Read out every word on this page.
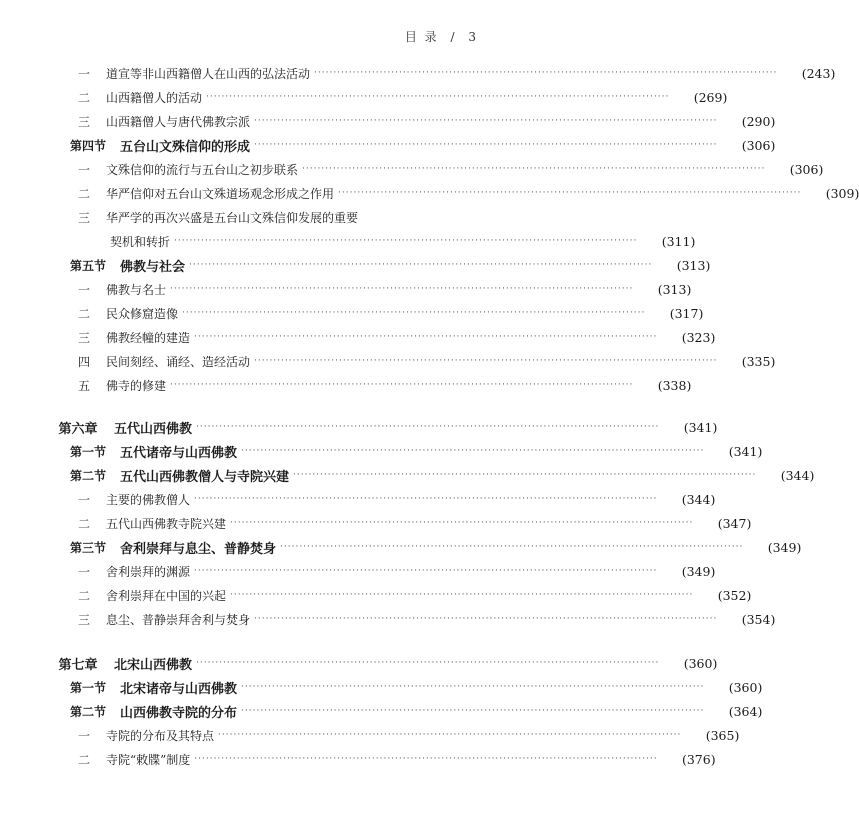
目 录 / 3
一	道宣等非山西籍僧人在山西的弘法活动 ························································································································	(243)
二	山西籍僧人的活动 ························································································································	(269)
三	山西籍僧人与唐代佛教宗派 ························································································································	(290)
第四节	五台山文殊信仰的形成 ························································································································	(306)
一	文殊信仰的流行与五台山之初步联系 ························································································································	(306)
二	华严信仰对五台山文殊道场观念形成之作用 ························································································································	(309)
三	华严学的再次兴盛是五台山文殊信仰发展的重要
契机和转折 ························································································································	(311)
第五节	佛教与社会 ························································································································	(313)
一	佛教与名士 ························································································································	(313)
二	民众修窟造像 ························································································································	(317)
三	佛教经幢的建造 ························································································································	(323)
四	民间刻经、诵经、造经活动 ························································································································	(335)
五	佛寺的修建 ························································································································	(338)
第六章	五代山西佛教 ························································································································	(341)
第一节	五代诸帝与山西佛教 ························································································································	(341)
第二节	五代山西佛教僧人与寺院兴建 ························································································································	(344)
一	主要的佛教僧人 ························································································································	(344)
二	五代山西佛教寺院兴建 ························································································································	(347)
第三节	舍利崇拜与息尘、普静焚身 ························································································································	(349)
一	舍利崇拜的渊源 ························································································································	(349)
二	舍利崇拜在中国的兴起 ························································································································	(352)
三	息尘、普静崇拜舍利与焚身 ························································································································	(354)
第七章	北宋山西佛教 ························································································································	(360)
第一节	北宋诸帝与山西佛教 ························································································································	(360)
第二节	山西佛教寺院的分布 ························································································································	(364)
一	寺院的分布及其特点 ························································································································	(365)
二	寺院“敕牒”制度 ························································································································	(376)
